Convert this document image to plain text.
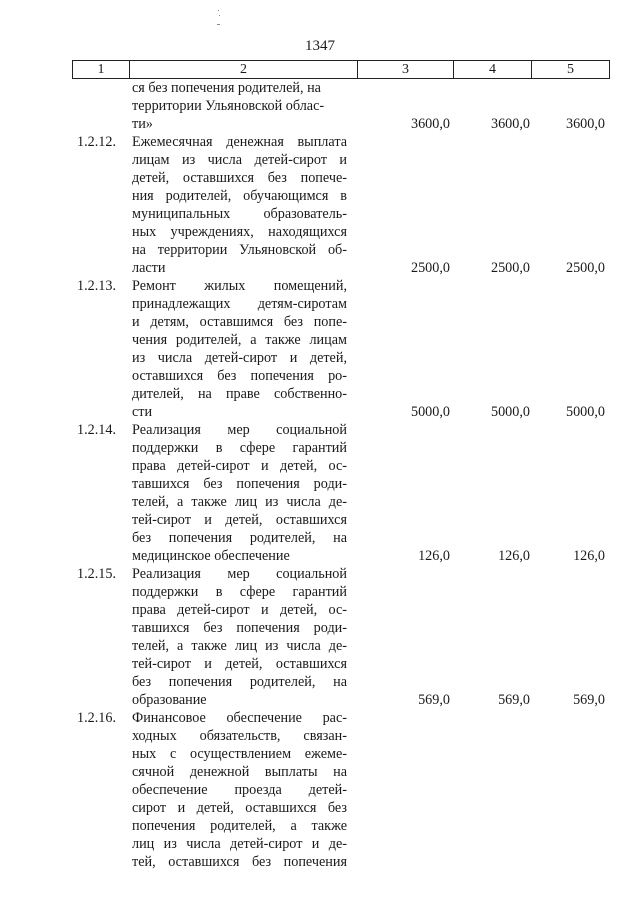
1347
1	2	3	4	5
ся без попечения родителей, на
территории Ульяновской облас-
ти»	3600,0	3600,0	3600,0
1.2.12.	Ежемесячная денежная выплата
лицам из числа детей-сирот и
детей, оставшихся без попече-
ния родителей, обучающимся в
муниципальных образователь-
ных учреждениях, находящихся
на территории Ульяновской об-
ласти	2500,0	2500,0	2500,0
1.2.13.	Ремонт жилых помещений,
принадлежащих детям-сиротам
и детям, оставшимся без попе-
чения родителей, а также лицам
из числа детей-сирот и детей,
оставшихся без попечения ро-
дителей, на праве собственно-
сти	5000,0	5000,0	5000,0
1.2.14.	Реализация мер социальной
поддержки в сфере гарантий
права детей-сирот и детей, ос-
тавшихся без попечения роди-
телей, а также лиц из числа де-
тей-сирот и детей, оставшихся
без попечения родителей, на
медицинское обеспечение	126,0	126,0	126,0
1.2.15.	Реализация мер социальной
поддержки в сфере гарантий
права детей-сирот и детей, ос-
тавшихся без попечения роди-
телей, а также лиц из числа де-
тей-сирот и детей, оставшихся
без попечения родителей, на
образование	569,0	569,0	569,0
1.2.16.	Финансовое обеспечение рас-
ходных обязательств, связан-
ных с осуществлением ежеме-
сячной денежной выплаты на
обеспечение проезда детей-
сирот и детей, оставшихся без
попечения родителей, а также
лиц из числа детей-сирот и де-
тей, оставшихся без попечения
